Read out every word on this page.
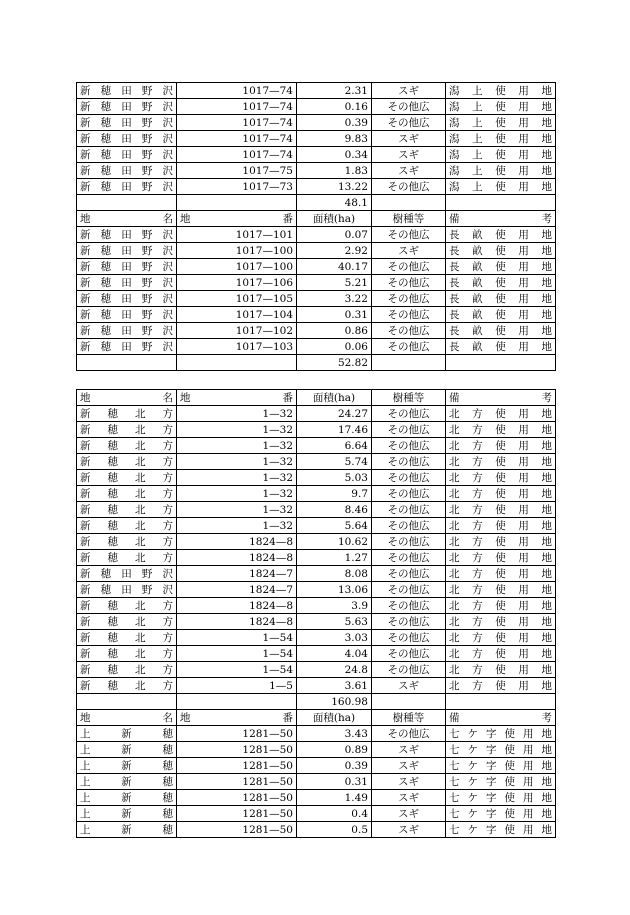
新穂田野沢	1017—74	2.31	スギ	潟上使用地
新穂田野沢	1017—74	0.16	その他広	潟上使用地
新穂田野沢	1017—74	0.39	その他広	潟上使用地
新穂田野沢	1017—74	9.83	スギ	潟上使用地
新穂田野沢	1017—74	0.34	スギ	潟上使用地
新穂田野沢	1017—75	1.83	スギ	潟上使用地
新穂田野沢	1017—73	13.22	その他広	潟上使用地
		48.1		
地　　　名	地　　　　番	面積(ha)	樹種等	備　　　　考
新穂田野沢	1017—101	0.07	その他広	長畝使用地
新穂田野沢	1017—100	2.92	スギ	長畝使用地
新穂田野沢	1017—100	40.17	その他広	長畝使用地
新穂田野沢	1017—106	5.21	その他広	長畝使用地
新穂田野沢	1017—105	3.22	その他広	長畝使用地
新穂田野沢	1017—104	0.31	その他広	長畝使用地
新穂田野沢	1017—102	0.86	その他広	長畝使用地
新穂田野沢	1017—103	0.06	その他広	長畝使用地
		52.82		
地　　　名	地　　　　番	面積(ha)	樹種等	備　　　　考
新穂北方	1—32	24.27	その他広	北方使用地
新穂北方	1—32	17.46	その他広	北方使用地
新穂北方	1—32	6.64	その他広	北方使用地
新穂北方	1—32	5.74	その他広	北方使用地
新穂北方	1—32	5.03	その他広	北方使用地
新穂北方	1—32	9.7	その他広	北方使用地
新穂北方	1—32	8.46	その他広	北方使用地
新穂北方	1—32	5.64	その他広	北方使用地
新穂北方	1824—8	10.62	その他広	北方使用地
新穂北方	1824—8	1.27	その他広	北方使用地
新穂田野沢	1824—7	8.08	その他広	北方使用地
新穂田野沢	1824—7	13.06	その他広	北方使用地
新穂北方	1824—8	3.9	その他広	北方使用地
新穂北方	1824—8	5.63	その他広	北方使用地
新穂北方	1—54	3.03	その他広	北方使用地
新穂北方	1—54	4.04	その他広	北方使用地
新穂北方	1—54	24.8	その他広	北方使用地
新穂北方	1—5	3.61	スギ	北方使用地
		160.98		
地　　　名	地　　　　番	面積(ha)	樹種等	備　　　　考
上新穂	1281—50	3.43	その他広	七ケ字使用地
上新穂	1281—50	0.89	スギ	七ケ字使用地
上新穂	1281—50	0.39	スギ	七ケ字使用地
上新穂	1281—50	0.31	スギ	七ケ字使用地
上新穂	1281—50	1.49	スギ	七ケ字使用地
上新穂	1281—50	0.4	スギ	七ケ字使用地
上新穂	1281—50	0.5	スギ	七ケ字使用地
